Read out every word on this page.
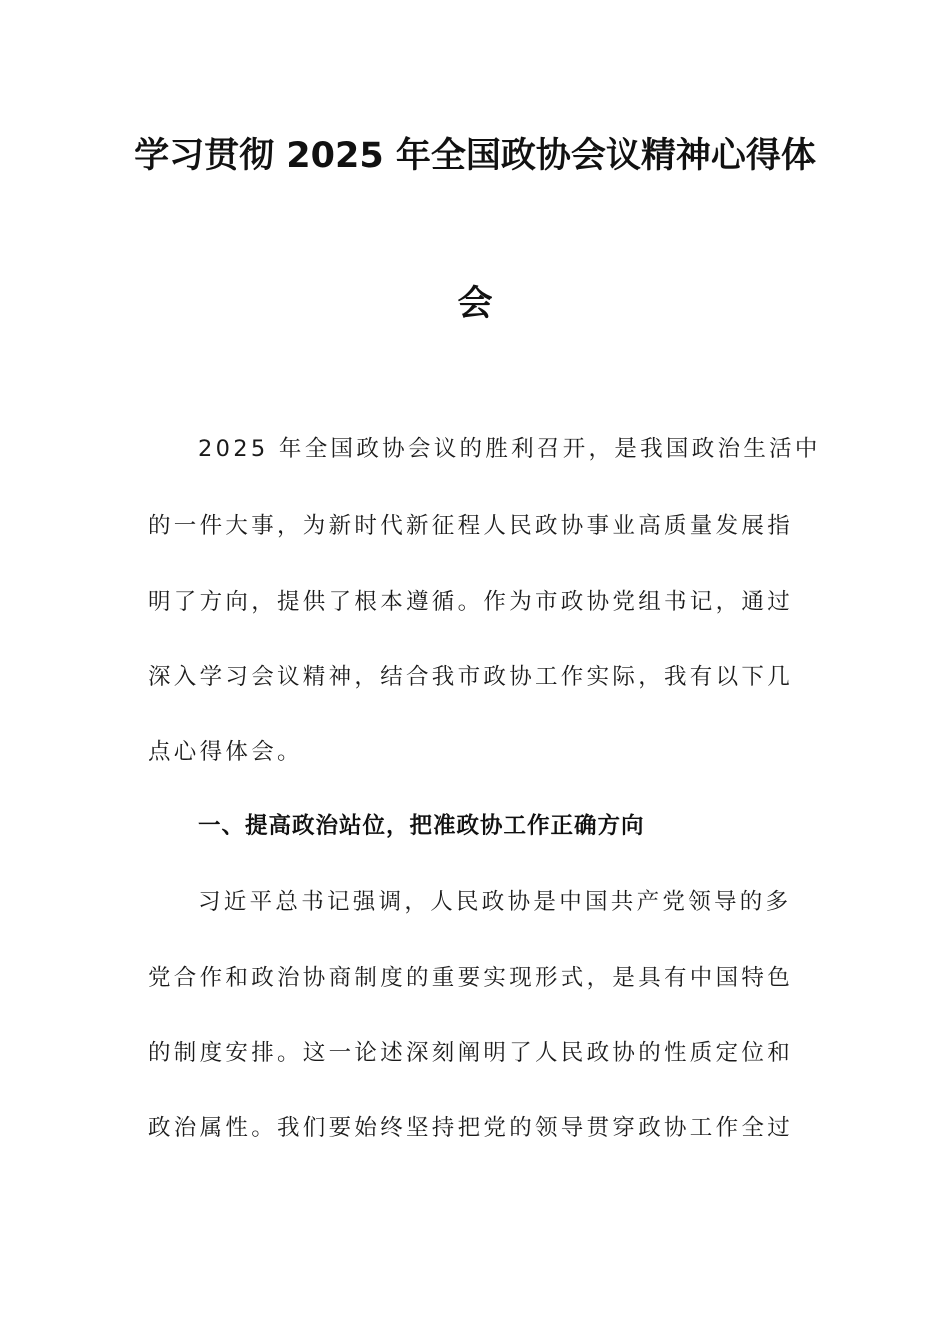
学习贯彻 2025 年全国政协会议精神心得体
会
2025 年全国政协会议的胜利召开，是我国政治生活中
的一件大事，为新时代新征程人民政协事业高质量发展指
明了方向，提供了根本遵循。作为市政协党组书记，通过
深入学习会议精神，结合我市政协工作实际，我有以下几
点心得体会。
一、提高政治站位，把准政协工作正确方向
习近平总书记强调，人民政协是中国共产党领导的多
党合作和政治协商制度的重要实现形式，是具有中国特色
的制度安排。这一论述深刻阐明了人民政协的性质定位和
政治属性。我们要始终坚持把党的领导贯穿政协工作全过
